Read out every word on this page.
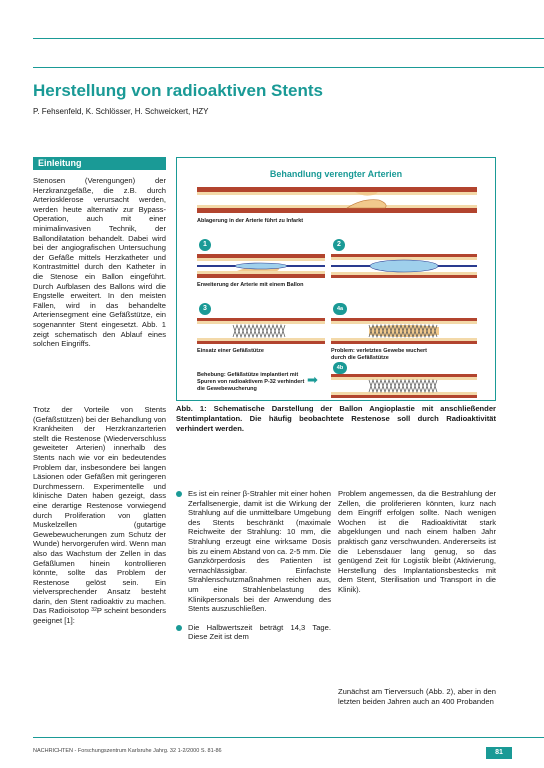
Herstellung von radioaktiven Stents
P. Fehsenfeld, K. Schlösser, H. Schweickert, HZY
Einleitung

Stenosen (Verengungen) der Herzkranzgefäße, die z.B. durch Arteriosklerose verursacht werden, werden heute alternativ zur Bypass-Operation, auch mit einer minimalinvasiven Technik, der Ballondilatation behandelt. Dabei wird bei der angiografischen Untersuchung der Gefäße mittels Herzkatheter und Kontrastmittel durch den Katheter in die Stenose ein Ballon eingeführt. Durch Aufblasen des Ballons wird die Engstelle erweitert. In den meisten Fällen, wird in das behandelte Arteriensegment eine Gefäßstütze, ein sogenannter Stent eingesetzt. Abb. 1 zeigt schematisch den Ablauf eines solchen Eingriffs.

Trotz der Vorteile von Stents (Gefäßstützen) bei der Behandlung von Krankheiten der Herzkranzarterien stellt die Restenose (Wiederverschluss geweiteter Arterien) innerhalb des Stents nach wie vor ein bedeutendes Problem dar, insbesondere bei langen Läsionen oder Gefäßen mit geringeren Durchmessern. Experimentelle und klinische Daten haben gezeigt, dass eine derartige Restenose vorwiegend durch Proliferation von glatten Muskelzellen (gutartige Gewebewucherungen zum Schutz der Wunde) hervorgerufen wird. Wenn man also das Wachstum der Zellen in das Gefäßlumen hinein kontrollieren könnte, sollte das Problem der Restenose gelöst sein. Ein vielversprechender Ansatz besteht darin, den Stent radioaktiv zu machen. Das Radioisotop $^{32}$P scheint besonders geeignet [1]:

Behandlung verengter Arterien
Ablagerung in der Arterie führt zu Infarkt
1	2
Erweiterung der Arterie mit einem Ballon
3	4a
Einsatz einer Gefäßstütze	Problem: verletztes Gewebe wuchert durch die Gefäßstütze
4b
Behebung: Gefäßstütze implantiert mit Spuren von radioaktivem P-32 verhindert die Gewebewucherung
➡

Abb. 1: Schematische Darstellung der Ballon Angioplastie mit anschließender Stentimplantation. Die häufig beobachtete Restenose soll durch Radioaktivität verhindert werden.

Es ist ein reiner β-Strahler mit einer hohen Zerfallsenergie, damit ist die Wirkung der Strahlung auf die unmittelbare Umgebung des Stents beschränkt (maximale Reichweite der Strahlung: 10 mm, die Strahlung erzeugt eine wirksame Dosis bis zu einem Abstand von ca. 2-5 mm. Die Ganzkörperdosis des Patienten ist vernachlässigbar. Einfachste Strahlenschutzmaßnahmen reichen aus, um eine Strahlenbelastung des Klinikpersonals bei der Anwendung des Stents auszuschließen.
Die Halbwertszeit beträgt 14,3 Tage. Diese Zeit ist dem

Problem angemessen, da die Bestrahlung der Zellen, die proliferieren könnten, kurz nach dem Eingriff erfolgen sollte. Nach wenigen Wochen ist die Radioaktivität stark abgeklungen und nach einem halben Jahr praktisch ganz verschwunden. Andererseits ist die Lebensdauer lang genug, so das genügend Zeit für Logistik bleibt (Aktivierung, Herstellung des Implantationsbestecks mit dem Stent, Sterilisation und Transport in die Klinik).

Zunächst am Tierversuch (Abb. 2), aber in den letzten beiden Jahren auch an 400 Probanden

NACHRICHTEN - Forschungszentrum Karlsruhe Jahrg. 32 1-2/2000 S. 81-86	81
